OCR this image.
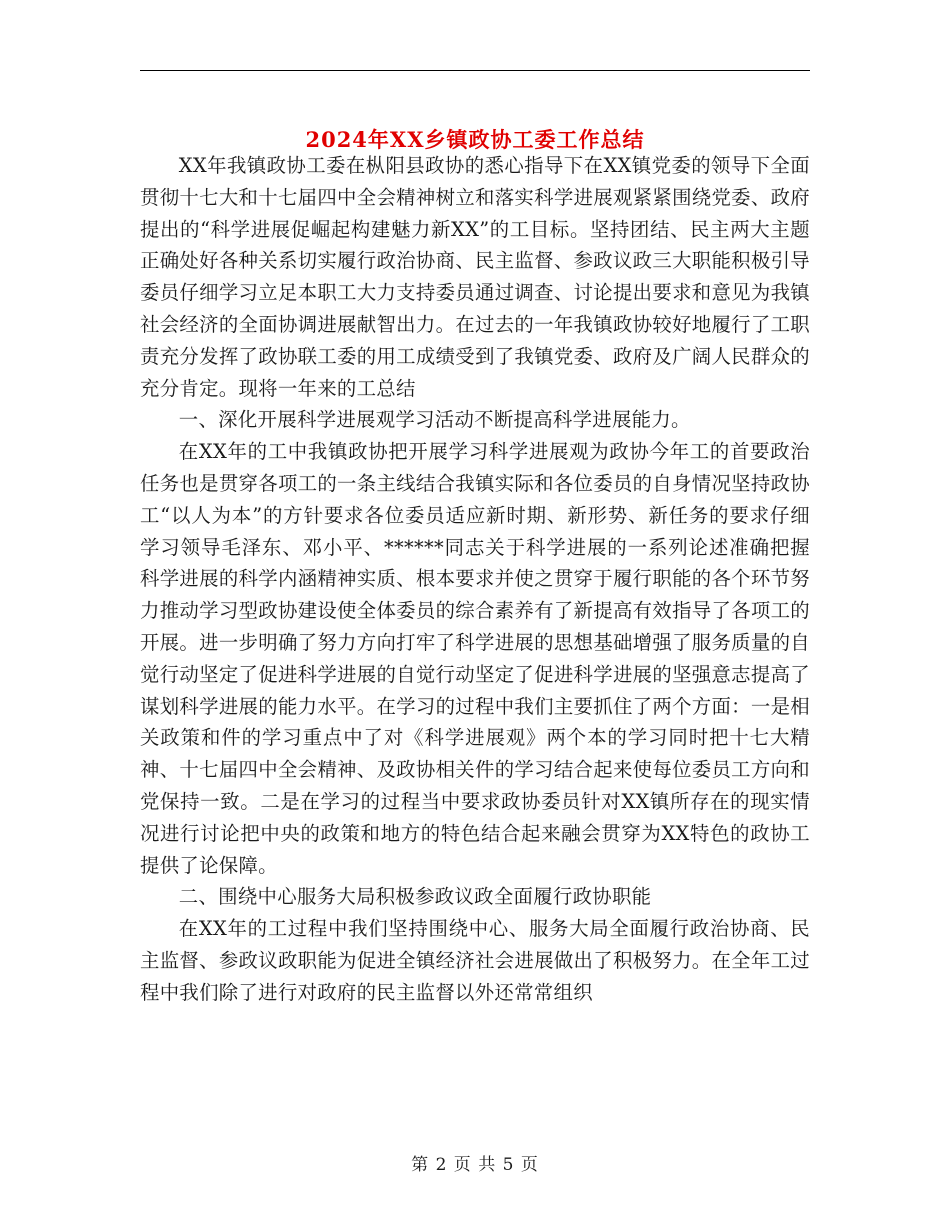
2024年XX乡镇政协工委工作总结

XX年我镇政协工委在枞阳县政协的悉心指导下在XX镇党委的领导下全面贯彻十七大和十七届四中全会精神树立和落实科学进展观紧紧围绕党委、政府提出的“科学进展促崛起构建魅力新XX”的工目标。坚持团结、民主两大主题正确处好各种关系切实履行政治协商、民主监督、参政议政三大职能积极引导委员仔细学习立足本职工大力支持委员通过调查、讨论提出要求和意见为我镇社会经济的全面协调进展献智出力。在过去的一年我镇政协较好地履行了工职责充分发挥了政协联工委的用工成绩受到了我镇党委、政府及广阔人民群众的充分肯定。现将一年来的工总结

一、深化开展科学进展观学习活动不断提高科学进展能力。

在XX年的工中我镇政协把开展学习科学进展观为政协今年工的首要政治任务也是贯穿各项工的一条主线结合我镇实际和各位委员的自身情况坚持政协工“以人为本”的方针要求各位委员适应新时期、新形势、新任务的要求仔细学习领导毛泽东、邓小平、******同志关于科学进展的一系列论述准确把握科学进展的科学内涵精神实质、根本要求并使之贯穿于履行职能的各个环节努力推动学习型政协建设使全体委员的综合素养有了新提高有效指导了各项工的开展。进一步明确了努力方向打牢了科学进展的思想基础增强了服务质量的自觉行动坚定了促进科学进展的自觉行动坚定了促进科学进展的坚强意志提高了谋划科学进展的能力水平。在学习的过程中我们主要抓住了两个方面：一是相关政策和件的学习重点中了对《科学进展观》两个本的学习同时把十七大精神、十七届四中全会精神、及政协相关件的学习结合起来使每位委员工方向和党保持一致。二是在学习的过程当中要求政协委员针对XX镇所存在的现实情况进行讨论把中央的政策和地方的特色结合起来融会贯穿为XX特色的政协工提供了论保障。

二、围绕中心服务大局积极参政议政全面履行政协职能

在XX年的工过程中我们坚持围绕中心、服务大局全面履行政治协商、民主监督、参政议政职能为促进全镇经济社会进展做出了积极努力。在全年工过程中我们除了进行对政府的民主监督以外还常常组织

第 2 页 共 5 页
